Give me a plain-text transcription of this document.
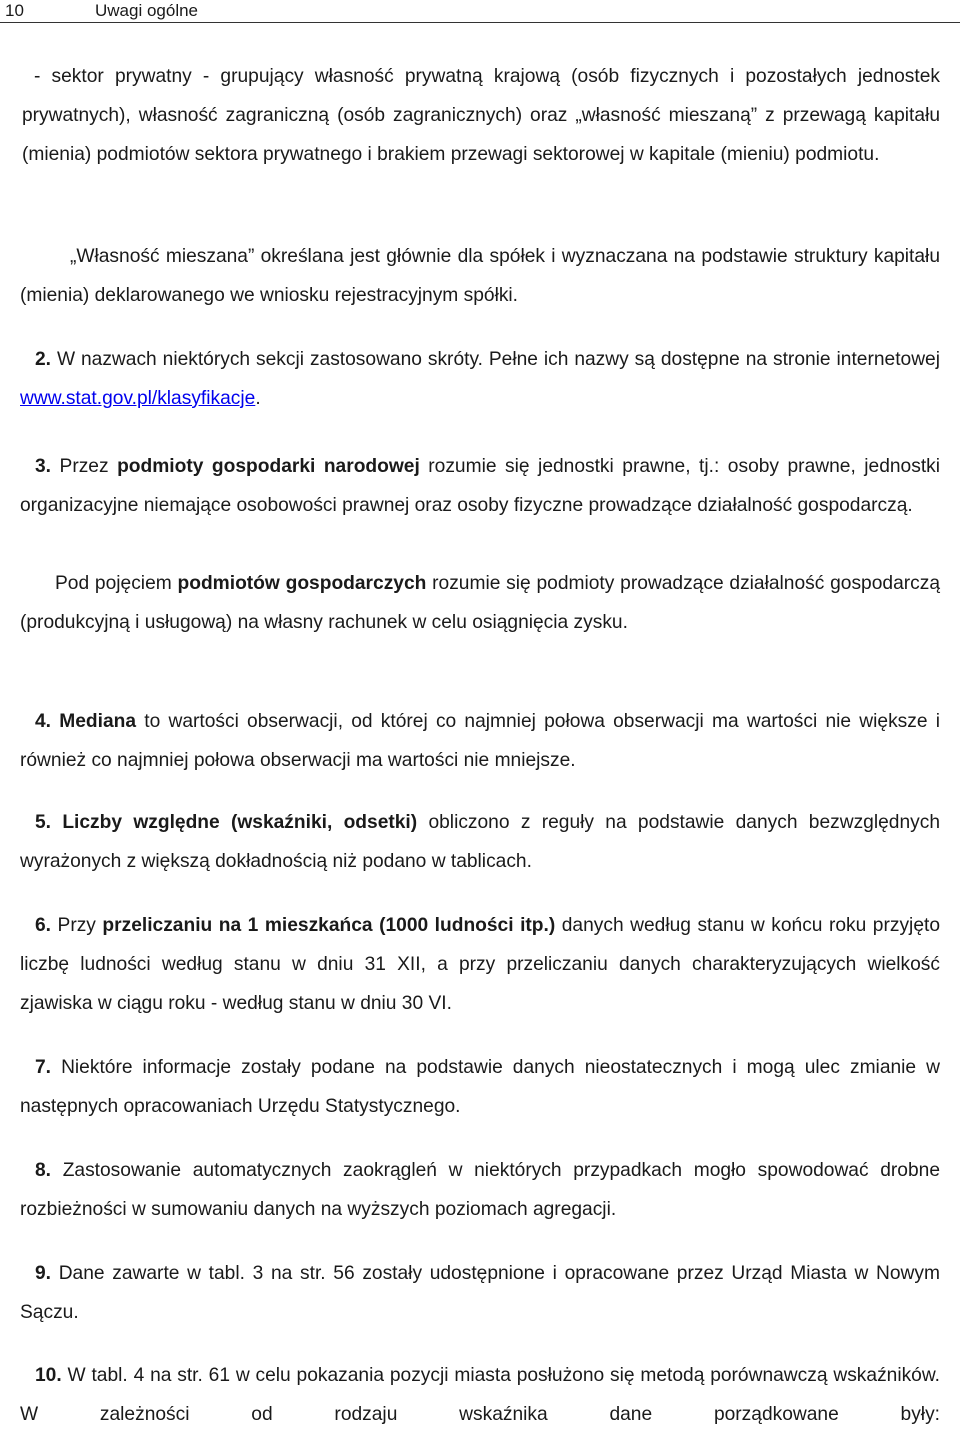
10	Uwagi ogólne

- sektor prywatny - grupujący własność prywatną krajową (osób fizycznych i pozostałych jednostek prywatnych), własność zagraniczną (osób zagranicznych) oraz „własność mieszaną” z przewagą kapitału (mienia) podmiotów sektora prywatnego i brakiem przewagi sektorowej w kapitale (mieniu) podmiotu.

„Własność mieszana” określana jest głównie dla spółek i wyznaczana na podstawie struktury kapitału (mienia) deklarowanego we wniosku rejestracyjnym spółki.

2. W nazwach niektórych sekcji zastosowano skróty. Pełne ich nazwy są dostępne na stronie internetowej www.stat.gov.pl/klasyfikacje.

3. Przez podmioty gospodarki narodowej rozumie się jednostki prawne, tj.: osoby prawne, jednostki organizacyjne niemające osobowości prawnej oraz osoby fizyczne prowadzące działalność gospodarczą.

Pod pojęciem podmiotów gospodarczych rozumie się podmioty prowadzące działalność gospodarczą (produkcyjną i usługową) na własny rachunek w celu osiągnięcia zysku.

4. Mediana to wartości obserwacji, od której co najmniej połowa obserwacji ma wartości nie większe i również co najmniej połowa obserwacji ma wartości nie mniejsze.

5. Liczby względne (wskaźniki, odsetki) obliczono z reguły na podstawie danych bezwzględnych wyrażonych z większą dokładnością niż podano w tablicach.

6. Przy przeliczaniu na 1 mieszkańca (1000 ludności itp.) danych według stanu w końcu roku przyjęto liczbę ludności według stanu w dniu 31 XII, a przy przeliczaniu danych charakteryzujących wielkość zjawiska w ciągu roku - według stanu w dniu 30 VI.

7. Niektóre informacje zostały podane na podstawie danych nieostatecznych i mogą ulec zmianie w następnych opracowaniach Urzędu Statystycznego.

8. Zastosowanie automatycznych zaokrągleń w niektórych przypadkach mogło spowodować drobne rozbieżności w sumowaniu danych na wyższych poziomach agregacji.

9. Dane zawarte w tabl. 3 na str. 56 zostały udostępnione i opracowane przez Urząd Miasta w Nowym Sączu.

10. W tabl. 4 na str. 61 w celu pokazania pozycji miasta posłużono się metodą porównawczą wskaźników. W zależności od rodzaju wskaźnika dane porządkowane były:
